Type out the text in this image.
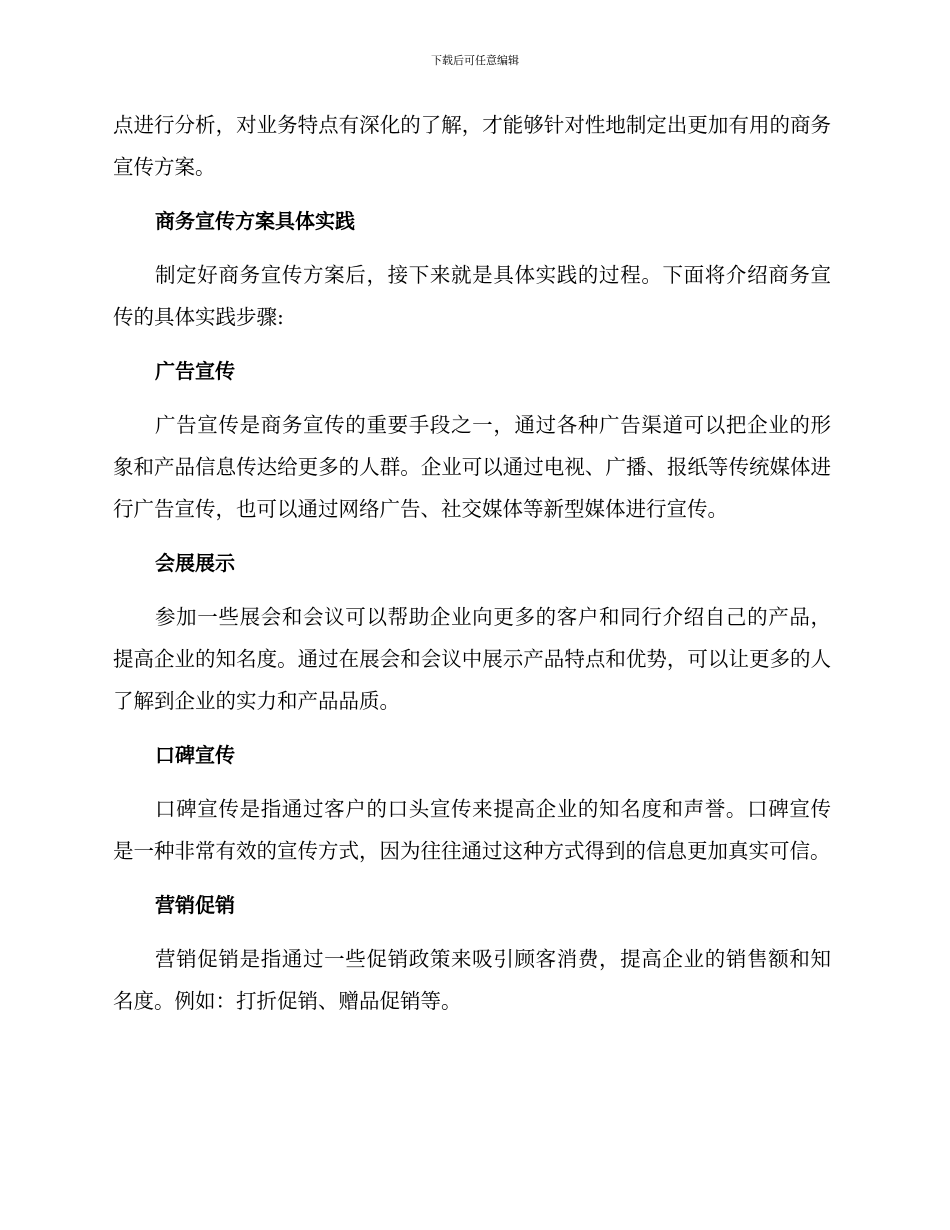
下载后可任意编辑

点进行分析，对业务特点有深化的了解，才能够针对性地制定出更加有用的商务宣传方案。

商务宣传方案具体实践

制定好商务宣传方案后，接下来就是具体实践的过程。下面将介绍商务宣传的具体实践步骤:

广告宣传

广告宣传是商务宣传的重要手段之一，通过各种广告渠道可以把企业的形象和产品信息传达给更多的人群。企业可以通过电视、广播、报纸等传统媒体进行广告宣传，也可以通过网络广告、社交媒体等新型媒体进行宣传。

会展展示

参加一些展会和会议可以帮助企业向更多的客户和同行介绍自己的产品，提高企业的知名度。通过在展会和会议中展示产品特点和优势，可以让更多的人了解到企业的实力和产品品质。

口碑宣传

口碑宣传是指通过客户的口头宣传来提高企业的知名度和声誉。口碑宣传是一种非常有效的宣传方式，因为往往通过这种方式得到的信息更加真实可信。

营销促销

营销促销是指通过一些促销政策来吸引顾客消费，提高企业的销售额和知名度。例如：打折促销、赠品促销等。
